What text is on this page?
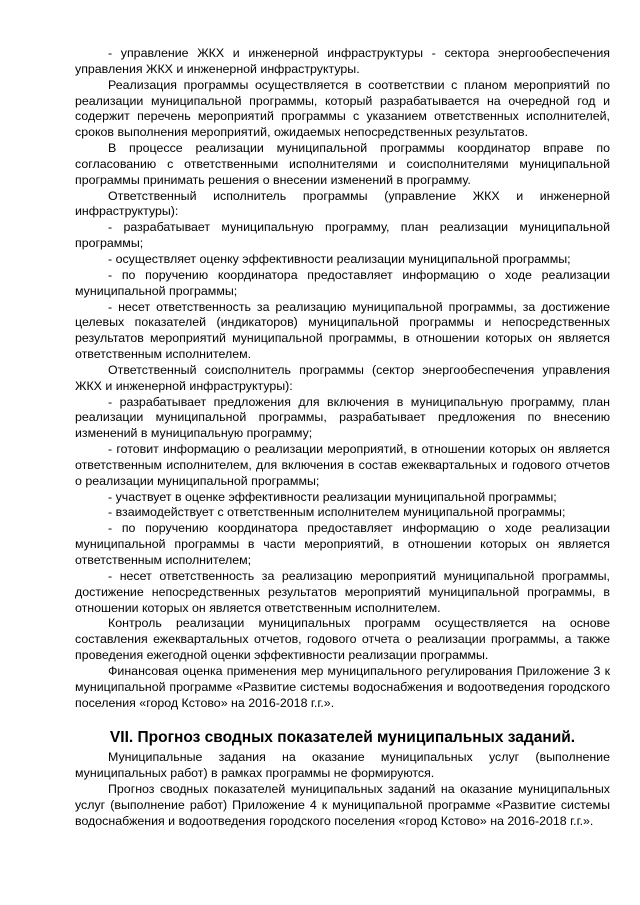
- управление ЖКХ и инженерной инфраструктуры - сектора энергообеспечения управления ЖКХ и инженерной инфраструктуры.

Реализация программы осуществляется в соответствии с планом мероприятий по реализации муниципальной программы, который разрабатывается на очередной год и содержит перечень мероприятий программы с указанием ответственных исполнителей, сроков выполнения мероприятий, ожидаемых непосредственных результатов.

В процессе реализации муниципальной программы координатор вправе по согласованию с ответственными исполнителями и соисполнителями муниципальной программы принимать решения о внесении изменений в программу.

Ответственный исполнитель программы (управление ЖКХ и инженерной инфраструктуры):

- разрабатывает муниципальную программу, план реализации муниципальной программы;

- осуществляет оценку эффективности реализации муниципальной программы;

- по поручению координатора предоставляет информацию о ходе реализации муниципальной программы;

- несет ответственность за реализацию муниципальной программы, за достижение целевых показателей (индикаторов) муниципальной программы и непосредственных результатов мероприятий муниципальной программы, в отношении которых он является ответственным исполнителем.

Ответственный соисполнитель программы (сектор энергообеспечения управления ЖКХ и инженерной инфраструктуры):

- разрабатывает предложения для включения в муниципальную программу, план реализации муниципальной программы, разрабатывает предложения по внесению изменений в муниципальную программу;

- готовит информацию о реализации мероприятий, в отношении которых он является ответственным исполнителем, для включения в состав ежеквартальных и годового отчетов о реализации муниципальной программы;

- участвует в оценке эффективности реализации муниципальной программы;

- взаимодействует с ответственным исполнителем муниципальной программы;

- по поручению координатора предоставляет информацию о ходе реализации муниципальной программы в части мероприятий, в отношении которых он является ответственным исполнителем;

- несет ответственность за реализацию мероприятий муниципальной программы, достижение непосредственных результатов мероприятий муниципальной программы, в отношении которых он является ответственным исполнителем.

Контроль реализации муниципальных программ осуществляется на основе составления ежеквартальных отчетов, годового отчета о реализации программы, а также проведения ежегодной оценки эффективности реализации программы.

Финансовая оценка применения мер муниципального регулирования Приложение 3 к муниципальной программе «Развитие системы водоснабжения и водоотведения городского поселения «город Кстово» на 2016-2018 г.г.».

VII. Прогноз сводных показателей муниципальных заданий.

Муниципальные задания на оказание муниципальных услуг (выполнение муниципальных работ) в рамках программы не формируются.

Прогноз сводных показателей муниципальных заданий на оказание муниципальных услуг (выполнение работ) Приложение 4 к муниципальной программе «Развитие системы водоснабжения и водоотведения городского поселения «город Кстово» на 2016-2018 г.г.».
